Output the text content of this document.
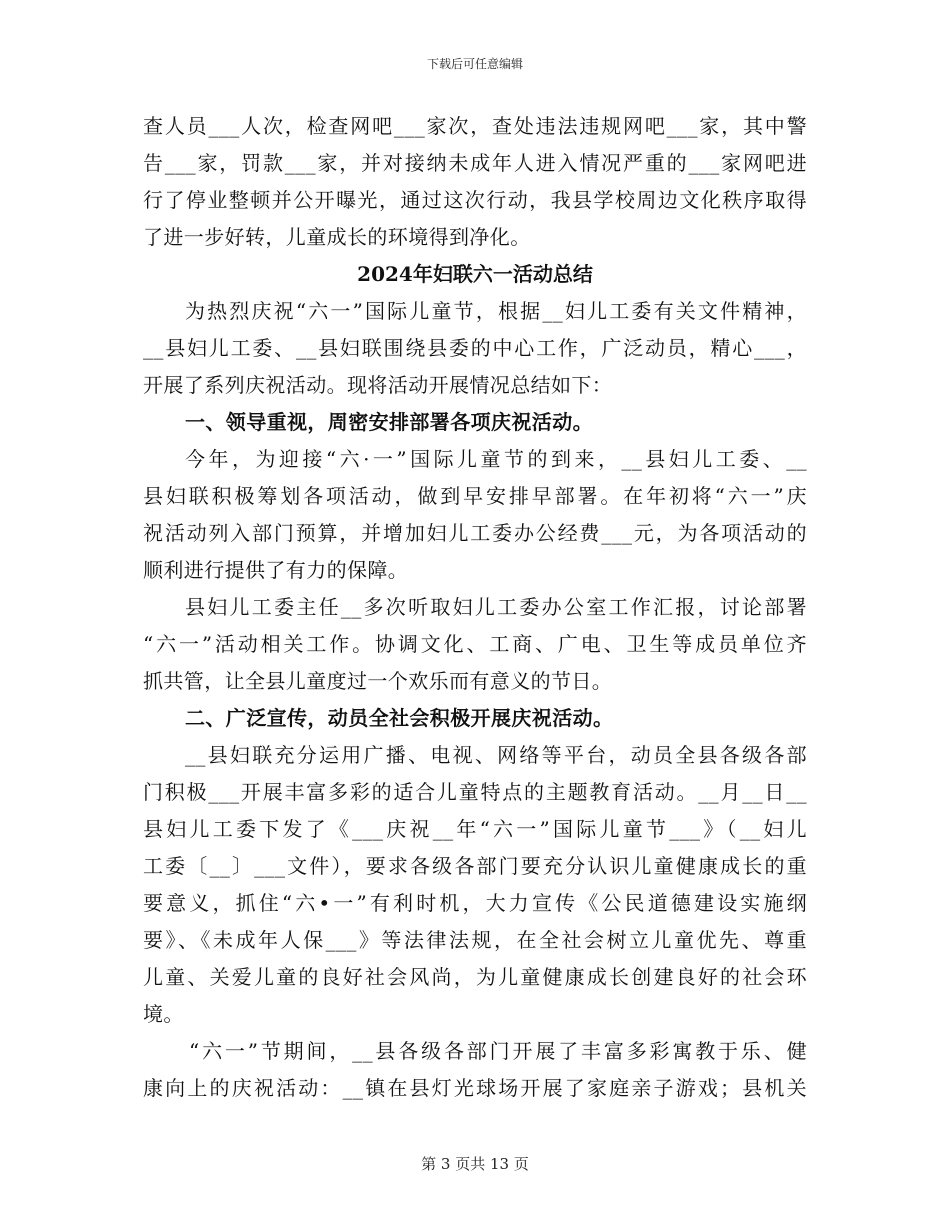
下载后可任意编辑
查人员___人次，检查网吧___家次，查处违法违规网吧___家，其中警
告___家，罚款___家，并对接纳未成年人进入情况严重的___家网吧进
行了停业整顿并公开曝光，通过这次行动，我县学校周边文化秩序取得
了进一步好转，儿童成长的环境得到净化。
2024年妇联六一活动总结
为热烈庆祝“六一”国际儿童节，根据__妇儿工委有关文件精神，
__县妇儿工委、__县妇联围绕县委的中心工作，广泛动员，精心___，
开展了系列庆祝活动。现将活动开展情况总结如下：
一、领导重视，周密安排部署各项庆祝活动。
今年，为迎接“六·一”国际儿童节的到来，__县妇儿工委、__
县妇联积极筹划各项活动，做到早安排早部署。在年初将“六一”庆
祝活动列入部门预算，并增加妇儿工委办公经费___元，为各项活动的
顺利进行提供了有力的保障。
县妇儿工委主任__多次听取妇儿工委办公室工作汇报，讨论部署
“六一”活动相关工作。协调文化、工商、广电、卫生等成员单位齐
抓共管，让全县儿童度过一个欢乐而有意义的节日。
二、广泛宣传，动员全社会积极开展庆祝活动。
__县妇联充分运用广播、电视、网络等平台，动员全县各级各部
门积极___开展丰富多彩的适合儿童特点的主题教育活动。__月__日__
县妇儿工委下发了《___庆祝__年“六一”国际儿童节___》（__妇儿
工委〔__〕___文件），要求各级各部门要充分认识儿童健康成长的重
要意义，抓住“六•一”有利时机，大力宣传《公民道德建设实施纲
要》、《未成年人保___》等法律法规，在全社会树立儿童优先、尊重
儿童、关爱儿童的良好社会风尚，为儿童健康成长创建良好的社会环
境。
“六一”节期间，__县各级各部门开展了丰富多彩寓教于乐、健
康向上的庆祝活动：__镇在县灯光球场开展了家庭亲子游戏；县机关
第 3 页共 13 页
